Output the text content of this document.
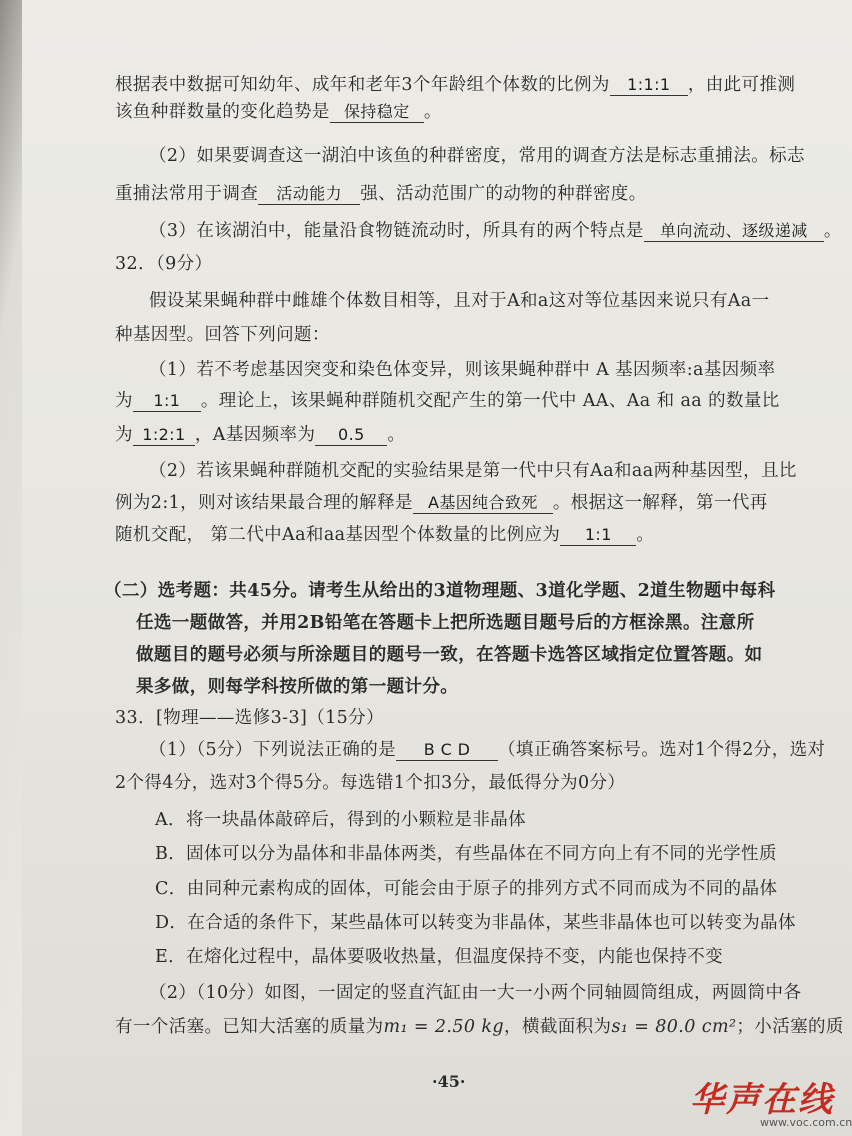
根据表中数据可知幼年、成年和老年3个年龄组个体数的比例为 1:1:1 ，由此可推测
该鱼种群数量的变化趋势是 保持稳定 。
（2）如果要调查这一湖泊中该鱼的种群密度，常用的调查方法是标志重捕法。标志
重捕法常用于调查 活动能力 强、活动范围广的动物的种群密度。
（3）在该湖泊中，能量沿食物链流动时，所具有的两个特点是 单向流动、逐级递减 。
32．（9分）
假设某果蝇种群中雌雄个体数目相等，且对于A和a这对等位基因来说只有Aa一
种基因型。回答下列问题：
（1）若不考虑基因突变和染色体变异，则该果蝇种群中 A 基因频率:a基因频率
为 1:1 。理论上，该果蝇种群随机交配产生的第一代中 AA、Aa 和 aa 的数量比
为 1:2:1 ，A基因频率为 0.5 。
（2）若该果蝇种群随机交配的实验结果是第一代中只有Aa和aa两种基因型，且比
例为2:1，则对该结果最合理的解释是 A基因纯合致死 。根据这一解释，第一代再
随机交配， 第二代中Aa和aa基因型个体数量的比例应为 1:1 。
（二）选考题：共45分。请考生从给出的3道物理题、3道化学题、2道生物题中每科
任选一题做答，并用2B铅笔在答题卡上把所选题目题号后的方框涂黑。注意所
做题目的题号必须与所涂题目的题号一致，在答题卡选答区域指定位置答题。如
果多做，则每学科按所做的第一题计分。
33．[物理——选修3-3]（15分）
（1）（5分）下列说法正确的是 B C D （填正确答案标号。选对1个得2分，选对
2个得4分，选对3个得5分。每选错1个扣3分，最低得分为0分）
A．将一块晶体敲碎后，得到的小颗粒是非晶体
B．固体可以分为晶体和非晶体两类，有些晶体在不同方向上有不同的光学性质
C．由同种元素构成的固体，可能会由于原子的排列方式不同而成为不同的晶体
D．在合适的条件下，某些晶体可以转变为非晶体，某些非晶体也可以转变为晶体
E．在熔化过程中，晶体要吸收热量，但温度保持不变，内能也保持不变
（2）（10分）如图，一固定的竖直汽缸由一大一小两个同轴圆筒组成，两圆筒中各
有一个活塞。已知大活塞的质量为m₁ = 2.50 kg，横截面积为s₁ = 80.0 cm²；小活塞的质
·45·	华声在线
www.voc.com.cn
